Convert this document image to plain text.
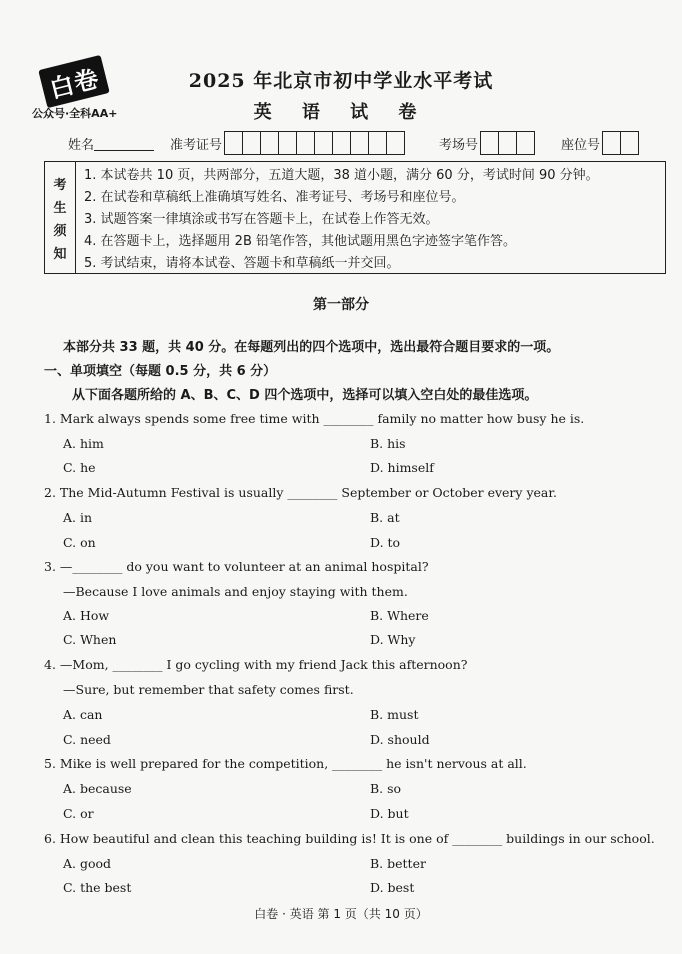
白卷
公众号·全科AA+
2025 年北京市初中学业水平考试
英 语 试 卷
姓名	准考证号	考场号	座位号
考
生
须
知
1. 本试卷共 10 页，共两部分，五道大题，38 道小题，满分 60 分，考试时间 90 分钟。
2. 在试卷和草稿纸上准确填写姓名、准考证号、考场号和座位号。
3. 试题答案一律填涂或书写在答题卡上，在试卷上作答无效。
4. 在答题卡上，选择题用 2B 铅笔作答，其他试题用黑色字迹签字笔作答。
5. 考试结束，请将本试卷、答题卡和草稿纸一并交回。
第一部分
本部分共 33 题，共 40 分。在每题列出的四个选项中，选出最符合题目要求的一项。
一、单项填空（每题 0.5 分，共 6 分）
从下面各题所给的 A、B、C、D 四个选项中，选择可以填入空白处的最佳选项。
1. Mark always spends some free time with ________ family no matter how busy he is.
A. him	B. his
C. he	D. himself
2. The Mid-Autumn Festival is usually ________ September or October every year.
A. in	B. at
C. on	D. to
3. —________ do you want to volunteer at an animal hospital?
—Because I love animals and enjoy staying with them.
A. How	B. Where
C. When	D. Why
4. —Mom, ________ I go cycling with my friend Jack this afternoon?
—Sure, but remember that safety comes first.
A. can	B. must
C. need	D. should
5. Mike is well prepared for the competition, ________ he isn't nervous at all.
A. because	B. so
C. or	D. but
6. How beautiful and clean this teaching building is! It is one of ________ buildings in our school.
A. good	B. better
C. the best	D. best
白卷 · 英语 第 1 页（共 10 页）
